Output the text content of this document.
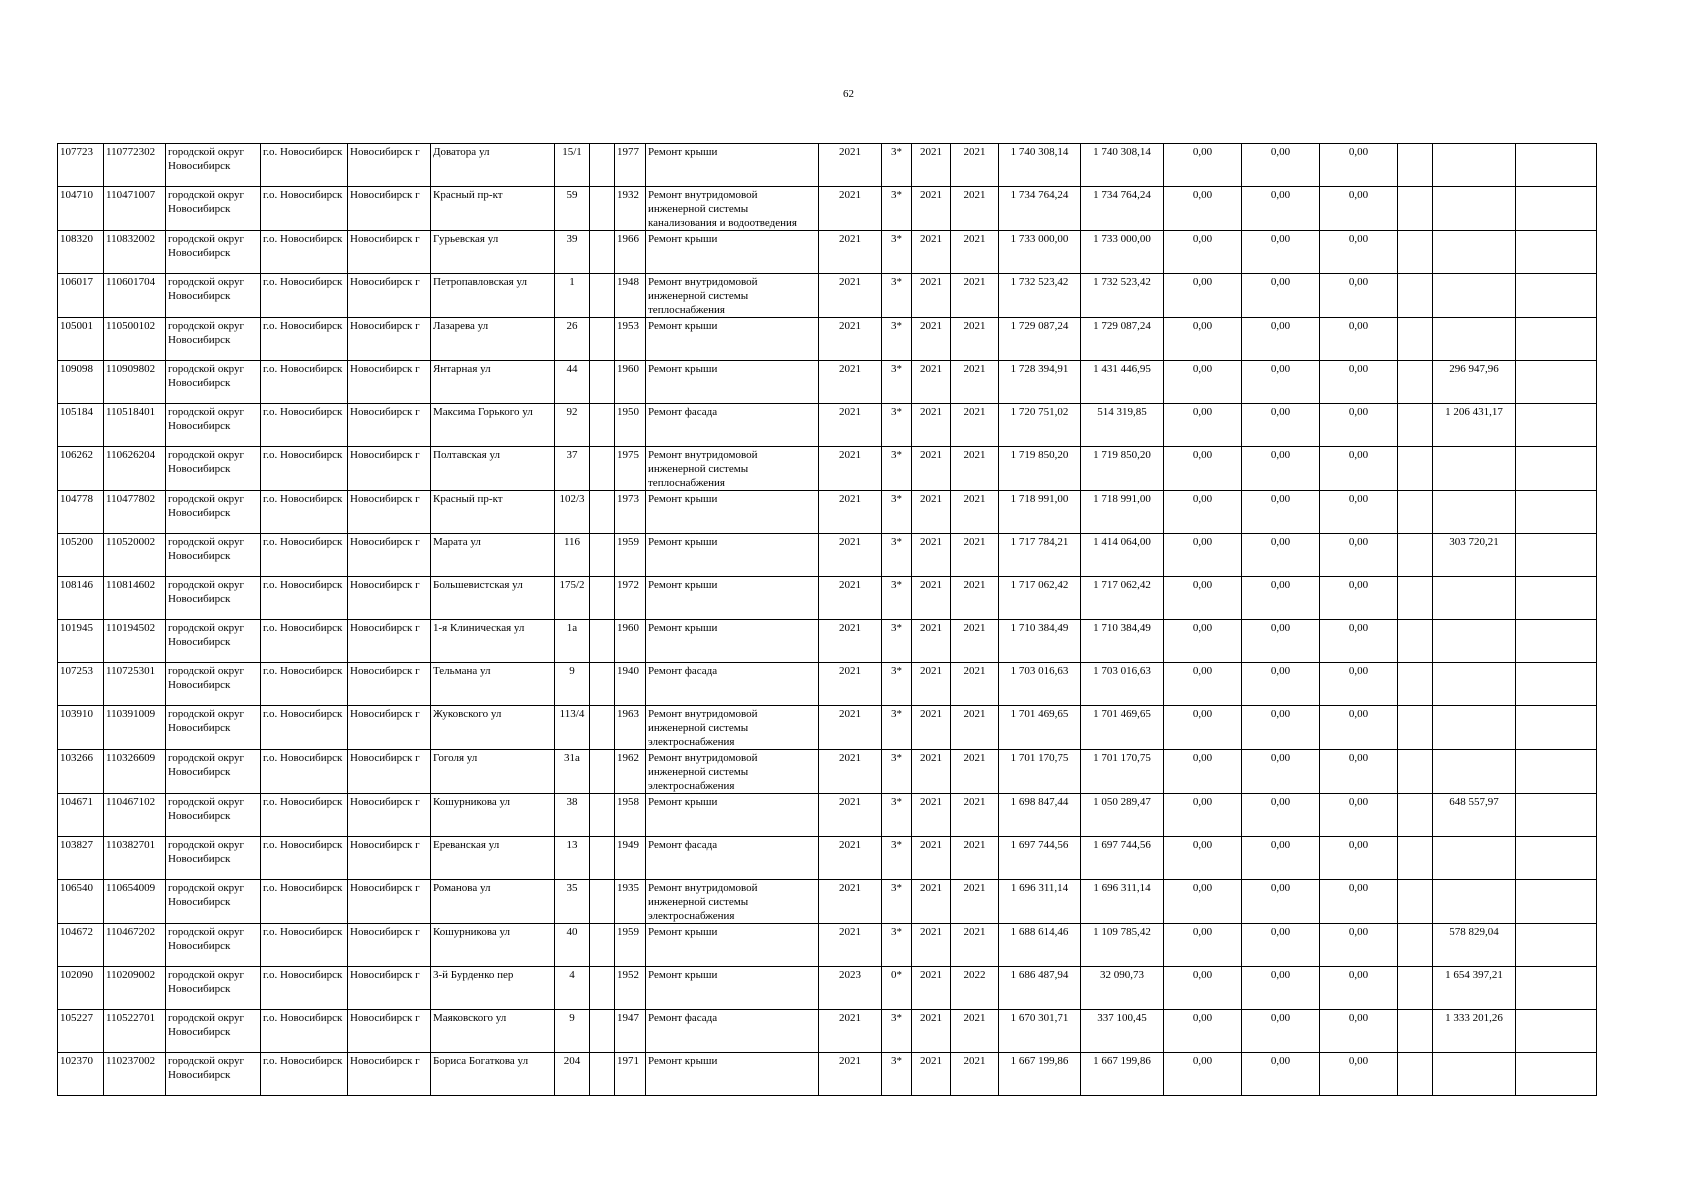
62
107723	110772302	городской округ Новосибирск	г.о. Новосибирск	Новосибирск г	Доватора ул	15/1		1977	Ремонт крыши	2021	3*	2021	2021	1 740 308,14	1 740 308,14	0,00	0,00	0,00			
104710	110471007	городской округ Новосибирск	г.о. Новосибирск	Новосибирск г	Красный пр-кт	59		1932	Ремонт внутридомовой инженерной системы канализования и водоотведения	2021	3*	2021	2021	1 734 764,24	1 734 764,24	0,00	0,00	0,00			
108320	110832002	городской округ Новосибирск	г.о. Новосибирск	Новосибирск г	Гурьевская ул	39		1966	Ремонт крыши	2021	3*	2021	2021	1 733 000,00	1 733 000,00	0,00	0,00	0,00			
106017	110601704	городской округ Новосибирск	г.о. Новосибирск	Новосибирск г	Петропавловская ул	1		1948	Ремонт внутридомовой инженерной системы теплоснабжения	2021	3*	2021	2021	1 732 523,42	1 732 523,42	0,00	0,00	0,00			
105001	110500102	городской округ Новосибирск	г.о. Новосибирск	Новосибирск г	Лазарева ул	26		1953	Ремонт крыши	2021	3*	2021	2021	1 729 087,24	1 729 087,24	0,00	0,00	0,00			
109098	110909802	городской округ Новосибирск	г.о. Новосибирск	Новосибирск г	Янтарная ул	44		1960	Ремонт крыши	2021	3*	2021	2021	1 728 394,91	1 431 446,95	0,00	0,00	0,00		296 947,96	
105184	110518401	городской округ Новосибирск	г.о. Новосибирск	Новосибирск г	Максима Горького ул	92		1950	Ремонт фасада	2021	3*	2021	2021	1 720 751,02	514 319,85	0,00	0,00	0,00		1 206 431,17	
106262	110626204	городской округ Новосибирск	г.о. Новосибирск	Новосибирск г	Полтавская ул	37		1975	Ремонт внутридомовой инженерной системы теплоснабжения	2021	3*	2021	2021	1 719 850,20	1 719 850,20	0,00	0,00	0,00			
104778	110477802	городской округ Новосибирск	г.о. Новосибирск	Новосибирск г	Красный пр-кт	102/3		1973	Ремонт крыши	2021	3*	2021	2021	1 718 991,00	1 718 991,00	0,00	0,00	0,00			
105200	110520002	городской округ Новосибирск	г.о. Новосибирск	Новосибирск г	Марата ул	116		1959	Ремонт крыши	2021	3*	2021	2021	1 717 784,21	1 414 064,00	0,00	0,00	0,00		303 720,21	
108146	110814602	городской округ Новосибирск	г.о. Новосибирск	Новосибирск г	Большевистская ул	175/2		1972	Ремонт крыши	2021	3*	2021	2021	1 717 062,42	1 717 062,42	0,00	0,00	0,00			
101945	110194502	городской округ Новосибирск	г.о. Новосибирск	Новосибирск г	1-я Клиническая ул	1а		1960	Ремонт крыши	2021	3*	2021	2021	1 710 384,49	1 710 384,49	0,00	0,00	0,00			
107253	110725301	городской округ Новосибирск	г.о. Новосибирск	Новосибирск г	Тельмана ул	9		1940	Ремонт фасада	2021	3*	2021	2021	1 703 016,63	1 703 016,63	0,00	0,00	0,00			
103910	110391009	городской округ Новосибирск	г.о. Новосибирск	Новосибирск г	Жуковского ул	113/4		1963	Ремонт внутридомовой инженерной системы электроснабжения	2021	3*	2021	2021	1 701 469,65	1 701 469,65	0,00	0,00	0,00			
103266	110326609	городской округ Новосибирск	г.о. Новосибирск	Новосибирск г	Гоголя ул	31а		1962	Ремонт внутридомовой инженерной системы электроснабжения	2021	3*	2021	2021	1 701 170,75	1 701 170,75	0,00	0,00	0,00			
104671	110467102	городской округ Новосибирск	г.о. Новосибирск	Новосибирск г	Кошурникова ул	38		1958	Ремонт крыши	2021	3*	2021	2021	1 698 847,44	1 050 289,47	0,00	0,00	0,00		648 557,97	
103827	110382701	городской округ Новосибирск	г.о. Новосибирск	Новосибирск г	Ереванская ул	13		1949	Ремонт фасада	2021	3*	2021	2021	1 697 744,56	1 697 744,56	0,00	0,00	0,00			
106540	110654009	городской округ Новосибирск	г.о. Новосибирск	Новосибирск г	Романова ул	35		1935	Ремонт внутридомовой инженерной системы электроснабжения	2021	3*	2021	2021	1 696 311,14	1 696 311,14	0,00	0,00	0,00			
104672	110467202	городской округ Новосибирск	г.о. Новосибирск	Новосибирск г	Кошурникова ул	40		1959	Ремонт крыши	2021	3*	2021	2021	1 688 614,46	1 109 785,42	0,00	0,00	0,00		578 829,04	
102090	110209002	городской округ Новосибирск	г.о. Новосибирск	Новосибирск г	3-й Бурденко пер	4		1952	Ремонт крыши	2023	0*	2021	2022	1 686 487,94	32 090,73	0,00	0,00	0,00		1 654 397,21	
105227	110522701	городской округ Новосибирск	г.о. Новосибирск	Новосибирск г	Маяковского ул	9		1947	Ремонт фасада	2021	3*	2021	2021	1 670 301,71	337 100,45	0,00	0,00	0,00		1 333 201,26	
102370	110237002	городской округ Новосибирск	г.о. Новосибирск	Новосибирск г	Бориса Богаткова ул	204		1971	Ремонт крыши	2021	3*	2021	2021	1 667 199,86	1 667 199,86	0,00	0,00	0,00			
